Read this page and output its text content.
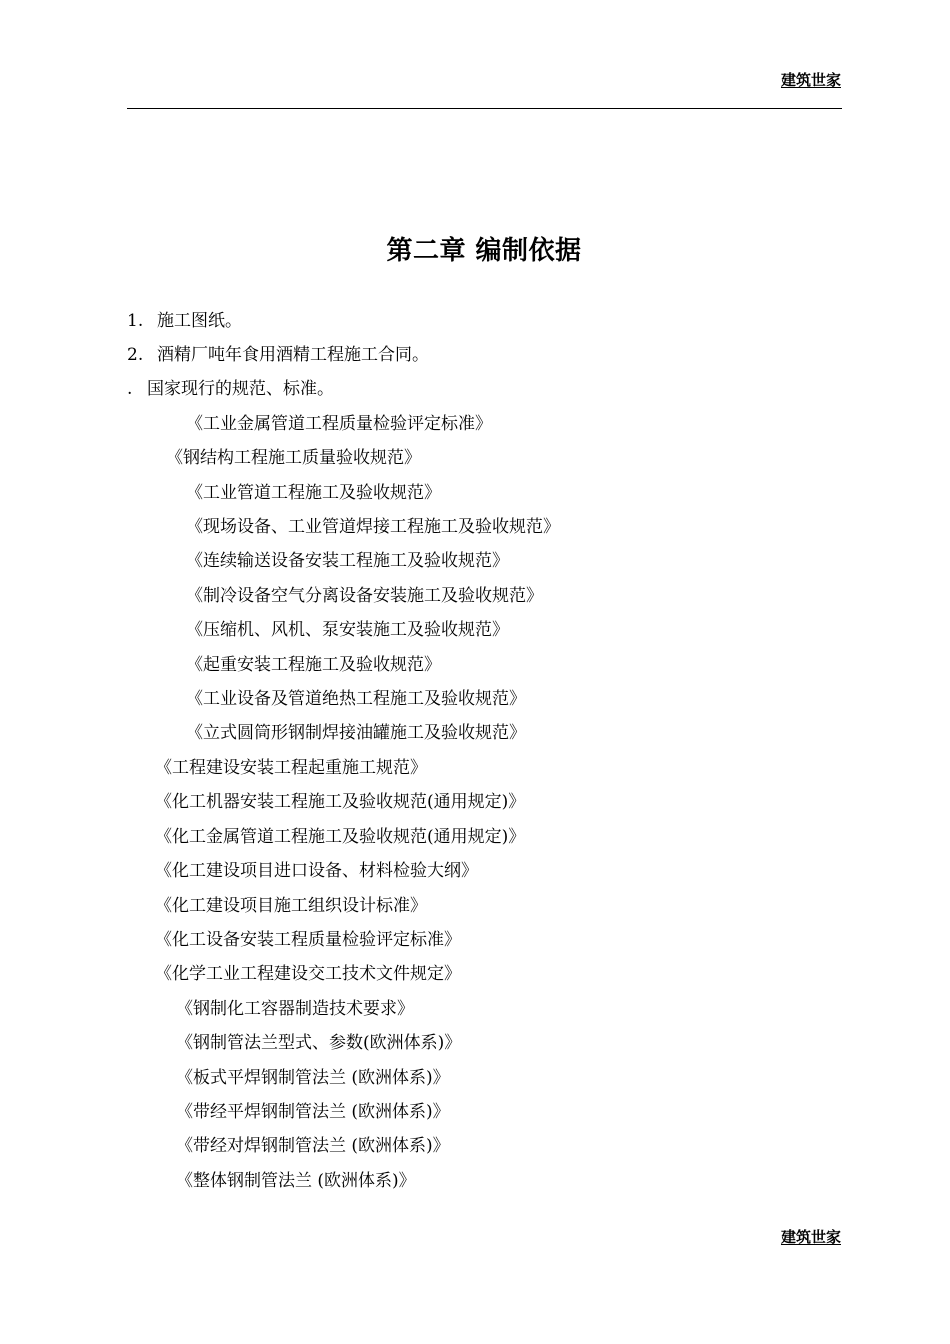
建筑世家
第二章 编制依据
1. 施工图纸。
2. 酒精厂吨年食用酒精工程施工合同。
. 国家现行的规范、标准。
《工业金属管道工程质量检验评定标准》
《钢结构工程施工质量验收规范》
《工业管道工程施工及验收规范》
《现场设备、工业管道焊接工程施工及验收规范》
《连续输送设备安装工程施工及验收规范》
《制冷设备空气分离设备安装施工及验收规范》
《压缩机、风机、泵安装施工及验收规范》
《起重安装工程施工及验收规范》
《工业设备及管道绝热工程施工及验收规范》
《立式圆筒形钢制焊接油罐施工及验收规范》
《工程建设安装工程起重施工规范》
《化工机器安装工程施工及验收规范(通用规定)》
《化工金属管道工程施工及验收规范(通用规定)》
《化工建设项目进口设备、材料检验大纲》
《化工建设项目施工组织设计标准》
《化工设备安装工程质量检验评定标准》
《化学工业工程建设交工技术文件规定》
《钢制化工容器制造技术要求》
《钢制管法兰型式、参数(欧洲体系)》
《板式平焊钢制管法兰 (欧洲体系)》
《带经平焊钢制管法兰 (欧洲体系)》
《带经对焊钢制管法兰 (欧洲体系)》
《整体钢制管法兰 (欧洲体系)》
建筑世家
